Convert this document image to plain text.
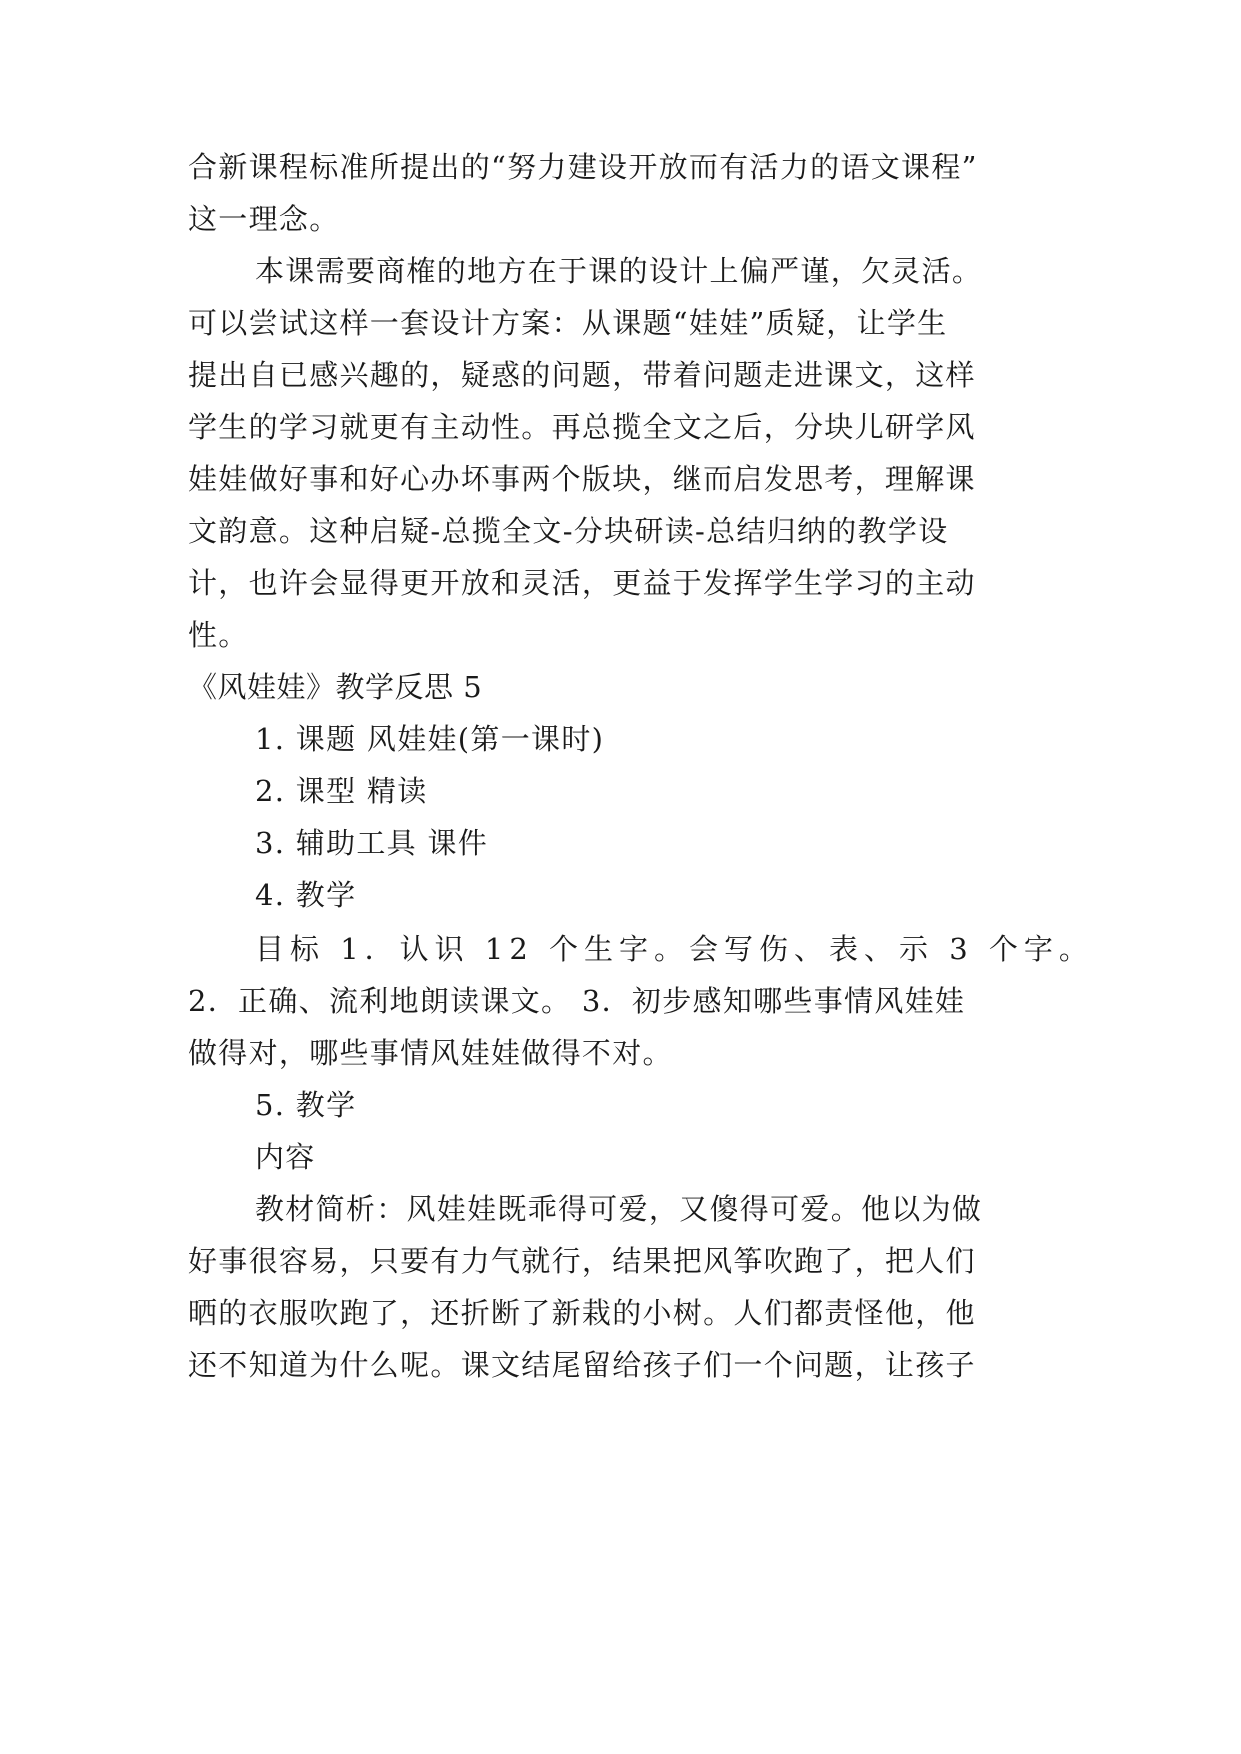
合新课程标准所提出的“努力建设开放而有活力的语文课程”
这一理念。
本课需要商榷的地方在于课的设计上偏严谨，欠灵活。
可以尝试这样一套设计方案：从课题“娃娃”质疑，让学生
提出自已感兴趣的，疑惑的问题，带着问题走进课文，这样
学生的学习就更有主动性。再总揽全文之后，分块儿研学风
娃娃做好事和好心办坏事两个版块，继而启发思考，理解课
文韵意。这种启疑-总揽全文-分块研读-总结归纳的教学设
计，也许会显得更开放和灵活，更益于发挥学生学习的主动
性。
《风娃娃》教学反思 5
1. 课题 风娃娃(第一课时)
2. 课型 精读
3. 辅助工具 课件
4. 教学
目标 1．认识 12 个生字。会写伤、表、示 3 个字。
2．正确、流利地朗读课文。 3．初步感知哪些事情风娃娃
做得对，哪些事情风娃娃做得不对。
5. 教学
内容
教材简析：风娃娃既乖得可爱，又傻得可爱。他以为做
好事很容易，只要有力气就行，结果把风筝吹跑了，把人们
晒的衣服吹跑了，还折断了新栽的小树。人们都责怪他，他
还不知道为什么呢。课文结尾留给孩子们一个问题，让孩子
